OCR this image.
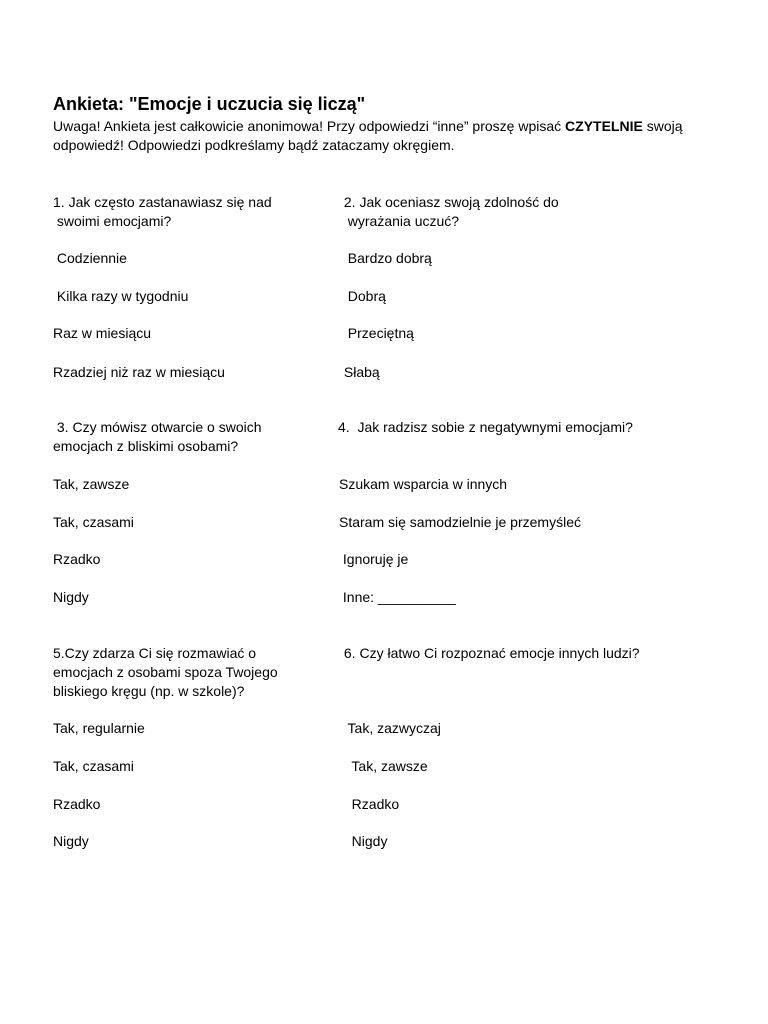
Ankieta: "Emocje i uczucia się liczą"

Uwaga! Ankieta jest całkowicie anonimowa! Przy odpowiedzi “inne” proszę wpisać CZYTELNIE swoją

odpowiedź! Odpowiedzi podkreślamy bądź zataczamy okręgiem.

1. Jak często zastanawiasz się nad

swoimi emocjami?

Codziennie

Kilka razy w tygodniu

Raz w miesiącu

Rzadziej niż raz w miesiącu

2. Jak oceniasz swoją zdolność do

wyrażania uczuć?

Bardzo dobrą

Dobrą

Przeciętną

Słabą

3. Czy mówisz otwarcie o swoich

emocjach z bliskimi osobami?

Tak, zawsze

Tak, czasami

Rzadko

Nigdy

4.  Jak radzisz sobie z negatywnymi emocjami?

Szukam wsparcia w innych

Staram się samodzielnie je przemyśleć

Ignoruję je

Inne: __________

5.Czy zdarza Ci się rozmawiać o

emocjach z osobami spoza Twojego

bliskiego kręgu (np. w szkole)?

Tak, regularnie

Tak, czasami

Rzadko

Nigdy

6. Czy łatwo Ci rozpoznać emocje innych ludzi?

Tak, zazwyczaj

Tak, zawsze

Rzadko

Nigdy
